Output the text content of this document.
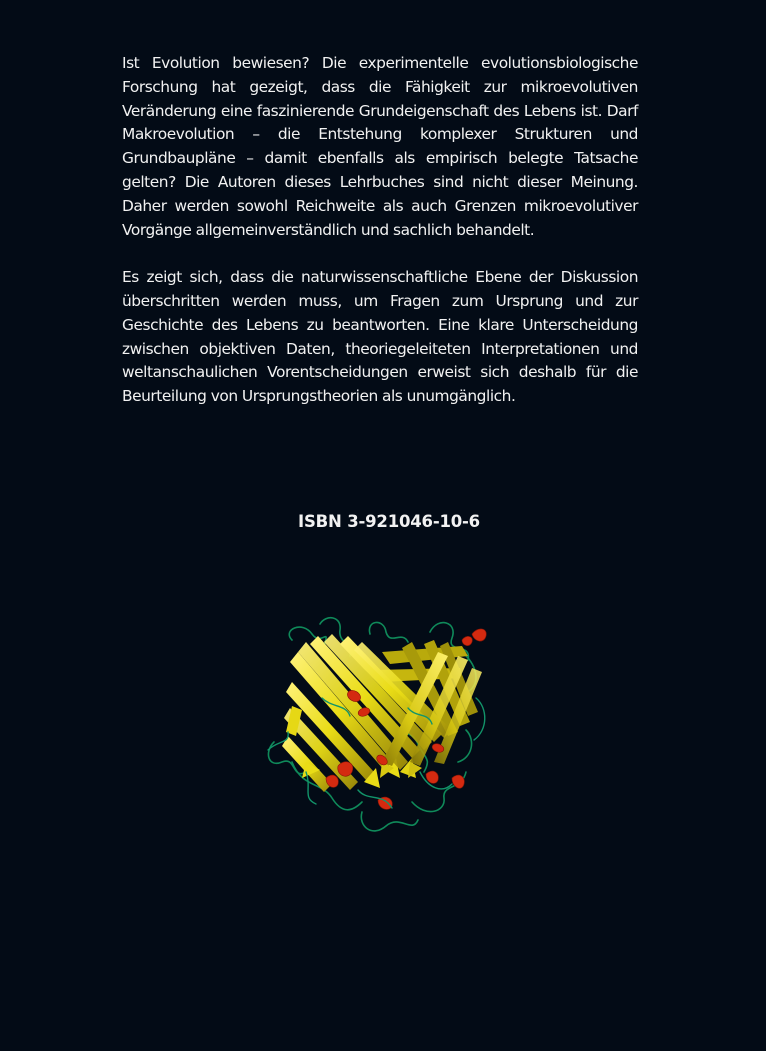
Ist Evolution bewiesen? Die experimentelle evolutionsbiologische Forschung hat gezeigt, dass die Fähigkeit zur mikroevolutiven Veränderung eine faszinierende Grundeigenschaft des Lebens ist. Darf Makroevolution – die Entstehung komplexer Strukturen und Grundbaupläne – damit ebenfalls als empirisch belegte Tatsache gelten? Die Autoren dieses Lehrbuches sind nicht dieser Meinung. Daher werden sowohl Reichweite als auch Grenzen mikroevolutiver Vorgänge allgemeinverständlich und sachlich behandelt.

Es zeigt sich, dass die naturwissenschaftliche Ebene der Diskussion überschritten werden muss, um Fragen zum Ursprung und zur Geschichte des Lebens zu beantworten. Eine klare Unterscheidung zwischen objektiven Daten, theoriegeleiteten Interpretationen und weltanschaulichen Vorentscheidungen erweist sich deshalb für die Beurteilung von Ursprungstheorien als unumgänglich.

ISBN 3-921046-10-6
